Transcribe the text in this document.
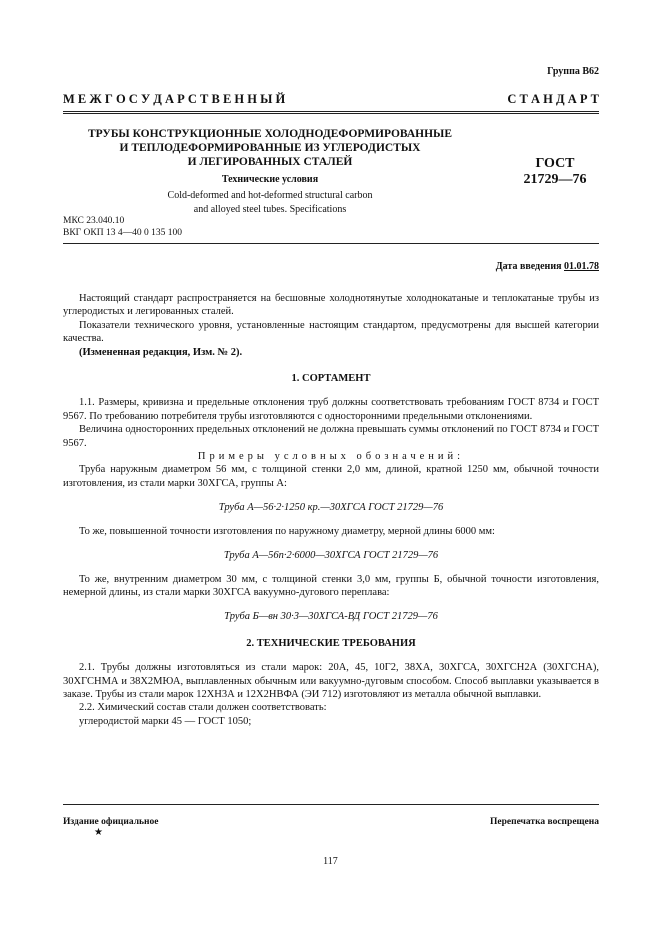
Группа В62
М Е Ж Г О С У Д А Р С Т В Е Н Н Ы Й	С Т А Н Д А Р Т
ТРУБЫ КОНСТРУКЦИОННЫЕ ХОЛОДНОДЕФОРМИРОВАННЫЕ
И ТЕПЛОДЕФОРМИРОВАННЫЕ ИЗ УГЛЕРОДИСТЫХ
И ЛЕГИРОВАННЫХ СТАЛЕЙ
Технические условия
Cold-deformed and hot-deformed structural carbon
and alloyed steel tubes. Specifications
ГОСТ
21729—76
МКС 23.040.10
ВКГ ОКП 13 4—40 0 135 100
Дата введения 01.01.78

Настоящий стандарт распространяется на бесшовные холоднотянутые холоднокатаные и теплокатаные трубы из углеродистых и легированных сталей.

Показатели технического уровня, установленные настоящим стандартом, предусмотрены для высшей категории качества.

(Измененная редакция, Изм. № 2).

1. СОРТАМЕНТ

1.1. Размеры, кривизна и предельные отклонения труб должны соответствовать требованиям ГОСТ 8734 и ГОСТ 9567. По требованию потребителя трубы изготовляются с односторонними предельными отклонениями.

Величина односторонних предельных отклонений не должна превышать суммы отклонений по ГОСТ 8734 и ГОСТ 9567.

Примеры условных обозначений:

Труба наружным диаметром 56 мм, с толщиной стенки 2,0 мм, длиной, кратной 1250 мм, обычной точности изготовления, из стали марки 30ХГСА, группы А:

Труба А—56·2·1250 кр.—30ХГСА ГОСТ 21729—76

То же, повышенной точности изготовления по наружному диаметру, мерной длины 6000 мм:

Труба А—56п·2·6000—30ХГСА ГОСТ 21729—76

То же, внутренним диаметром 30 мм, с толщиной стенки 3,0 мм, группы Б, обычной точности изготовления, немерной длины, из стали марки 30ХГСА вакуумно-дугового переплава:

Труба Б—вн 30·3—30ХГСА-ВД ГОСТ 21729—76
2. ТЕХНИЧЕСКИЕ ТРЕБОВАНИЯ

2.1. Трубы должны изготовляться из стали марок: 20А, 45, 10Г2, 38ХА, 30ХГСА, 30ХГСН2А (30ХГСНА), 30ХГСНМА и 38Х2МЮА, выплавленных обычным или вакуумно-дуговым способом. Способ выплавки указывается в заказе. Трубы из стали марок 12ХН3А и 12Х2НВФА (ЭИ 712) изготовляют из металла обычной выплавки.

2.2. Химический состав стали должен соответствовать:

углеродистой марки 45 — ГОСТ 1050;

Издание официальное	Перепечатка воспрещена
★
117
